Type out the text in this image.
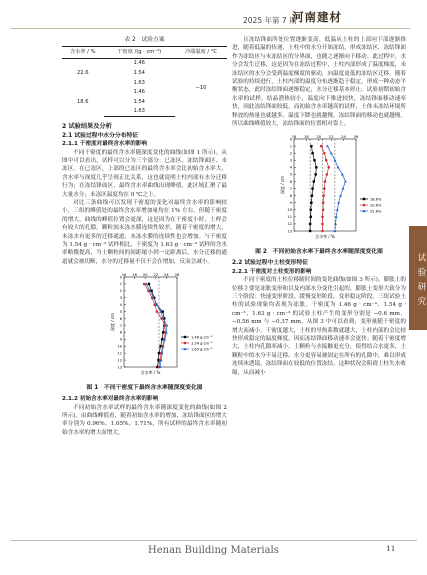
2025 年第 7 期
河南建材
试验研究
表 2　试验方案
含水率 / %	干密度 /(g · cm⁻³)	冷端温度 / °C
22.6	1.46	−10
	1.54	
	1.63	
18.6	1.46	
	1.54	
	1.63	
2 试验结果及分析
2.1 试验过程中水分分布特征
2.1.1 干密度对最终含水率的影响
不同干密度的最终含水率随深度变化的曲线(如图 1 所示)。从图中可以看出，试样可以分为三个部分：已冻区、冻结锋面区、未冻区。在已冻区，上部的已冻区的最终含水率会比初始含水率大，含水率与深度几乎呈现正比关系，这也就说明土柱内部有水分迁移行为；在冻结锋面区，最终含水率曲线出现峰值，此区域汇聚了最大量水分；未冻区温度均在 0 ℃之上。
对比三条曲线可以发现干密度的变化对最终含水率的影响较小，三组的峰值处的最终含水率增加量均在 1% 左右。但随干密度的增大，曲线的峰值位置会更深，这是因为在干密度小时，土样会有较大的孔隙，颗粒间未冻水膜连续性较差，随着干密度的增大，未冻水有更多的迁移通道，未冻水膜的连续性也会增加。与干密度为 1.54 g · cm⁻³ 试样相比，干密度为 1.63 g · cm⁻³ 试样的含水率略微提高，当土颗粒间的间距缩小到一定距离后，水分迁移的通道就会被切断，水分的迁移量不仅不会在增加，反而会减小。
16 18 20 22 24 26
0
1
2
3
4
5
6
7
8
9
10
11
12
13
含水率 / %
深度 / cm
1.46 g·cm⁻³
1.54 g·cm⁻³
1.63 g·cm⁻³
图 1　不同干密度下最终含水率随深度变化图
2.1.2 初始含水率对最终含水率的影响
不同初始含水率试样的最终含水率随深度变化的曲线(如图 2 所示)。由曲线峰值看，随着初始含水率的增加，冻结锋面区的增大率分别为 0.96%、1.05%、1.71%，所有试样的最终含水率随初始含水率的增大而增大，
且冻结锋面所处位置逐渐变高。低温从土柱的上部向下部逐渐推进，随着低温的传递，土柱中的水分开始冻结，形成冻结区，冻结锋面作为冻结区与未冻结区的分界面，也随之逐渐向下移动。此过程中，水分会发生迁移，这是因为在冻结过程中，土柱内部形成了温度梯度，未冻结区的水分会受到温度梯度的驱动，向温度更低的冻结区迁移。随着试验的持续进行，土柱内部的温度分布逐渐趋于稳定，形成一种动态平衡状态，此时冻结锋面逐渐稳定，水分迁移基本停止。试验初期初始含水率的试样，结晶潜热较小，温度向下推进较快，冻结锋面移动速率快，因此冻结锋面较低。而初始含水率越高的试样，土体未冻结环境所释放的热量也就越多，温度下降也就越慢，冻结锋面的移动也就越慢，所以曲线峰值较大，冻结锋面的位置相对靠上。
16 18 20 22 24 26
0
1
2
3
4
5
6
7
8
9
10
11
12
13
含水率 / %
深度 / cm
18.6%
20.6%
22.6%
图 2　不同初始含水率下最终含水率随深度变化图
2.2 试验过程中土柱变形特征
2.2.1 干密度对土柱变形的影响
不同干密度的土柱位移随时间的变化曲线(如图 3 所示)。膨胀土的位移主要是冻胀变形和以及内部水分变化引起的。膨胀土变形大致分为三个阶段：快速变形阶段、缓慢变形阶段、变形稳定阶段。三组试验土柱的试验现象均表现为冻胀，干密度为 1.46 g · cm⁻³、1.54 g · cm⁻³、1.63 g · cm⁻³ 的试验土柱产生的变形分别是 −0.6 mm、−0.56 mm 与 −0.37 mm。从图 3 中可以看到，变形量随干密度的增大而减小。干密度越大，土柱的导热系数就越大，土柱内部的会比较快形成稳定的温度梯度，因而冻结锋面移动速率会更快；随着干密度增大，土柱内孔隙率减小，土颗粒与水接触更充分，使得结合水更多，土颗粒中的水分不易迁移，水分更容易被固定在所有的孔隙中，难以形成连续冰透镜，冻结锋面在较低的位置冻结。这种状况会阻碍土柱失水收缩，从而减小
Henan Building Materials	11
